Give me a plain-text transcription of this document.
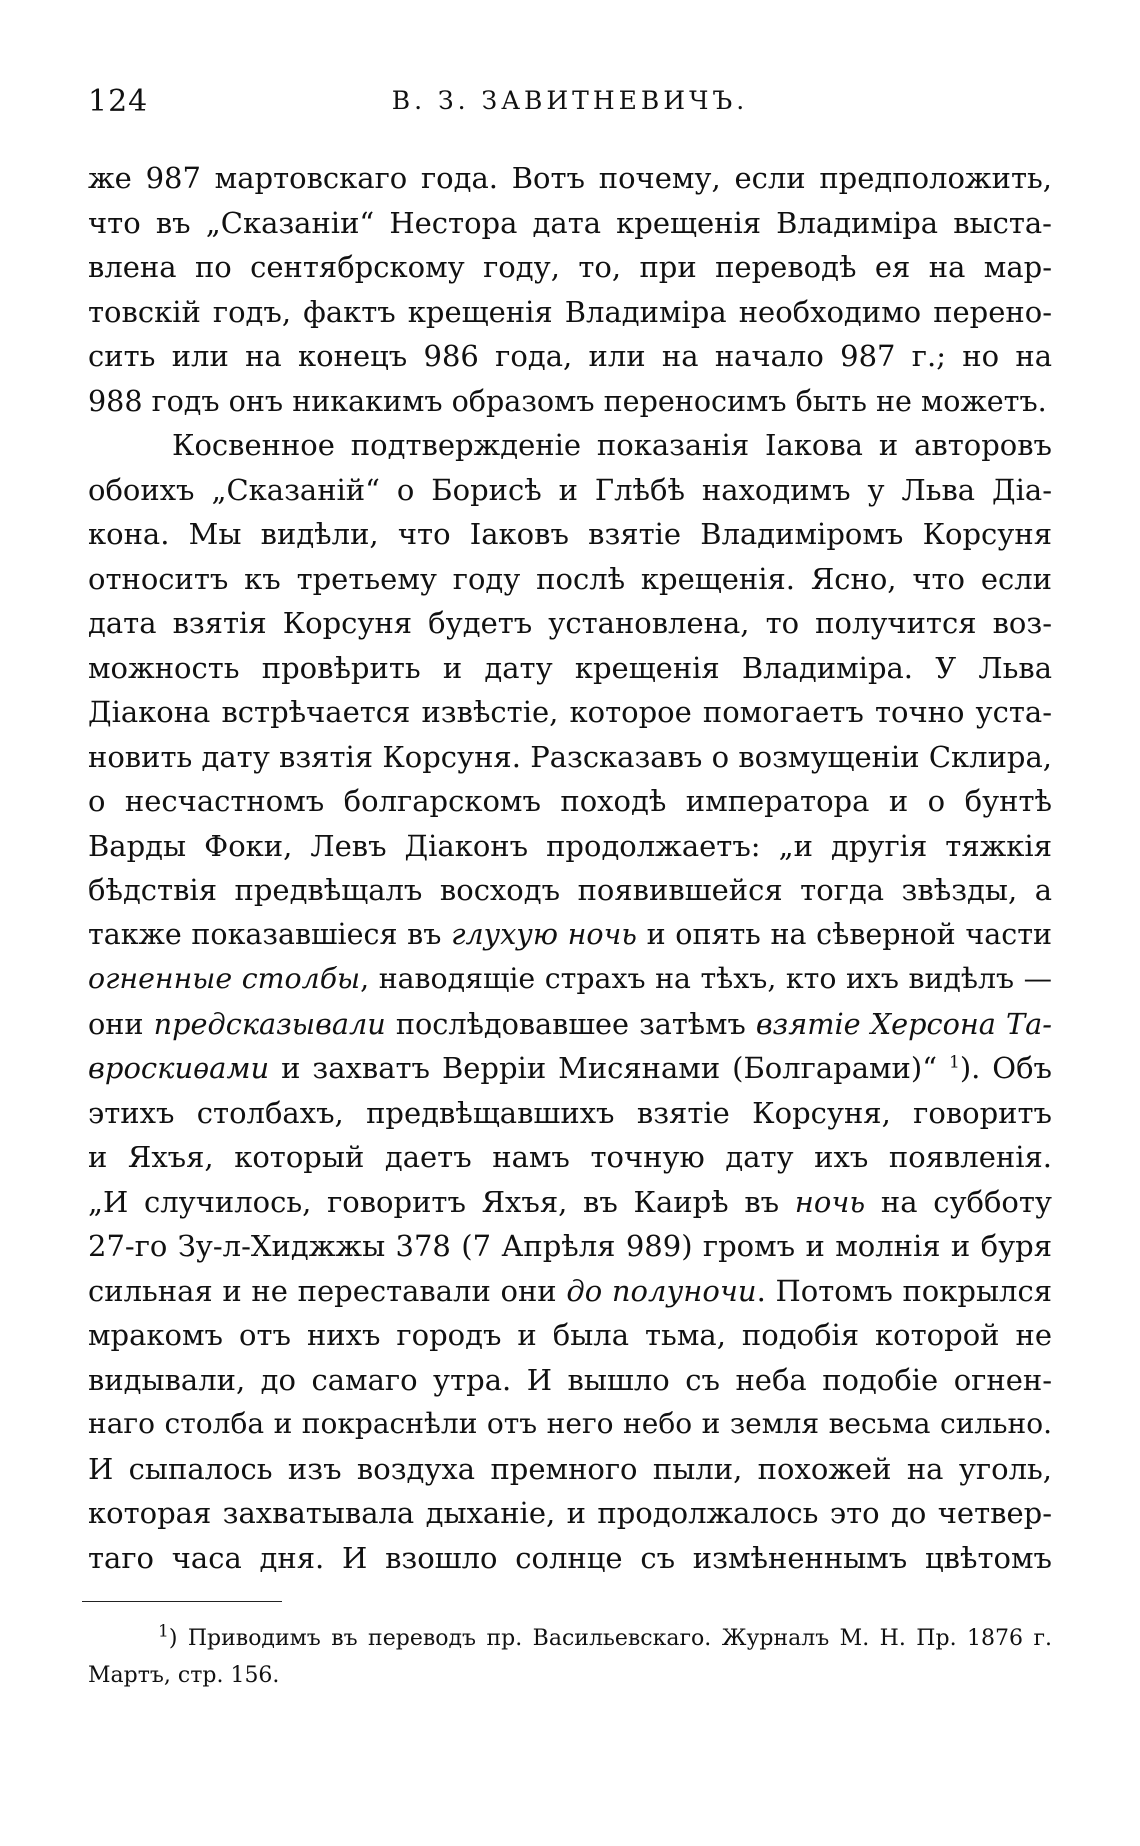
124	В. З. ЗАВИТНЕВИЧЪ.
же 987 мартовскаго года. Вотъ почему, если предположить,
что въ „Сказаніи“ Нестора дата крещенія Владиміра выста-
влена по сентябрскому году, то, при переводѣ ея на мар-
товскій годъ, фактъ крещенія Владиміра необходимо перено-
сить или на конецъ 986 года, или на начало 987 г.; но на
988 годъ онъ никакимъ образомъ переносимъ быть не можетъ.
Косвенное подтвержденіе показанія Іакова и авторовъ
обоихъ „Сказаній“ о Борисѣ и Глѣбѣ находимъ у Льва Діа-
кона. Мы видѣли, что Іаковъ взятіе Владиміромъ Корсуня
относитъ къ третьему году послѣ крещенія. Ясно, что если
дата взятія Корсуня будетъ установлена, то получится воз-
можность провѣрить и дату крещенія Владиміра. У Льва
Діакона встрѣчается извѣстіе, которое помогаетъ точно уста-
новить дату взятія Корсуня. Разсказавъ о возмущеніи Склира,
о несчастномъ болгарскомъ походѣ императора и о бунтѣ
Варды Фоки, Левъ Діаконъ продолжаетъ: „и другія тяжкія
бѣдствія предвѣщалъ восходъ появившейся тогда звѣзды, а
также показавшіеся въ глухую ночь и опять на сѣверной части
огненные столбы, наводящіе страхъ на тѣхъ, кто ихъ видѣлъ —
они предсказывали послѣдовавшее затѣмъ взятіе Херсона Та-
вроскиѳами и захватъ Верріи Мисянами (Болгарами)“ $^1$). Объ
этихъ столбахъ, предвѣщавшихъ взятіе Корсуня, говоритъ
и Яхъя, который даетъ намъ точную дату ихъ появленія.
„И случилось, говоритъ Яхъя, въ Каирѣ въ ночь на субботу
27-го Зу-л-Хиджжы 378 (7 Апрѣля 989) громъ и молнія и буря
сильная и не переставали они до полуночи. Потомъ покрылся
мракомъ отъ нихъ городъ и была тьма, подобія которой не
видывали, до самаго утра. И вышло съ неба подобіе огнен-
наго столба и покраснѣли отъ него небо и земля весьма сильно.
И сыпалось изъ воздуха премного пыли, похожей на уголь,
которая захватывала дыханіе, и продолжалось это до четвер-
таго часа дня. И взошло солнце съ измѣненнымъ цвѣтомъ
$^1$) Приводимъ въ переводъ пр. Васильевскаго. Журналъ М. Н. Пр. 1876 г.
Мартъ, стр. 156.
